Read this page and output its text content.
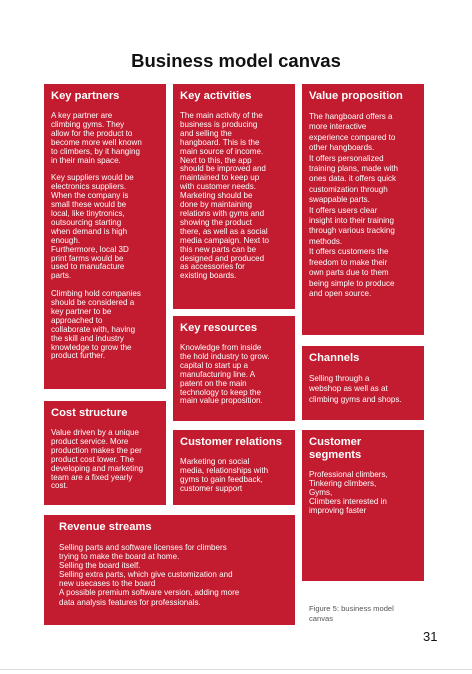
Business model canvas
Key partners

A key partner are
climbing gyms. They
allow for the product to
become more well known
to climbers, by it hanging
in their main space.

Key suppliers would be
electronics suppliers.
When the company is
small these would be
local, like tinytronics,
outsourcing starting
when demand is high
enough.
Furthermore, local 3D
print farms would be
used to manufacture
parts.

Climbing hold companies
should be considered a
key partner to be
approached to
collaborate with, having
the skill and industry
knowledge to grow the
product further.

Key activities

The main activity of the
business is producing
and selling the
hangboard. This is the
main source of income.
Next to this, the app
should be improved and
maintained to keep up
with customer needs.
Marketing should be
done by maintaining
relations with gyms and
showing the product
there, as well as a social
media campaign. Next to
this new parts can be
designed and produced
as accessories for
existing boards.

Value proposition

The hangboard offers a
more interactive
experience compared to
other hangboards.
It offers personalized
training plans, made with
ones data. it offers quick
customization through
swappable parts.
It offers users clear
insight into their training
through various tracking
methods.
It offers customers the
freedom to make their
own parts due to them
being simple to produce
and open source.

Key resources

Knowledge from inside
the hold industry to grow.
capital to start up a
manufacturing line. A
patent on the main
technology to keep the
main value proposition.

Channels

Selling through a
webshop as well as at
climbing gyms and shops.

Cost structure

Value driven by a unique
product service. More
production makes the per
product cost lower. The
developing and marketing
team are a fixed yearly
cost.

Customer relations

Marketing on social
media, relationships with
gyms to gain feedback,
customer support

Customer
segments

Professional climbers,
Tinkering climbers,
Gyms,
Climbers interested in
improving faster

Revenue streams

Selling parts and software licenses for climbers
trying to make the board at home.
Selling the board itself.
Selling extra parts, which give customization and
new usecases to the board
A possible premium software version, adding more
data analysis features for professionals.

Figure 5: business model
canvas
31
